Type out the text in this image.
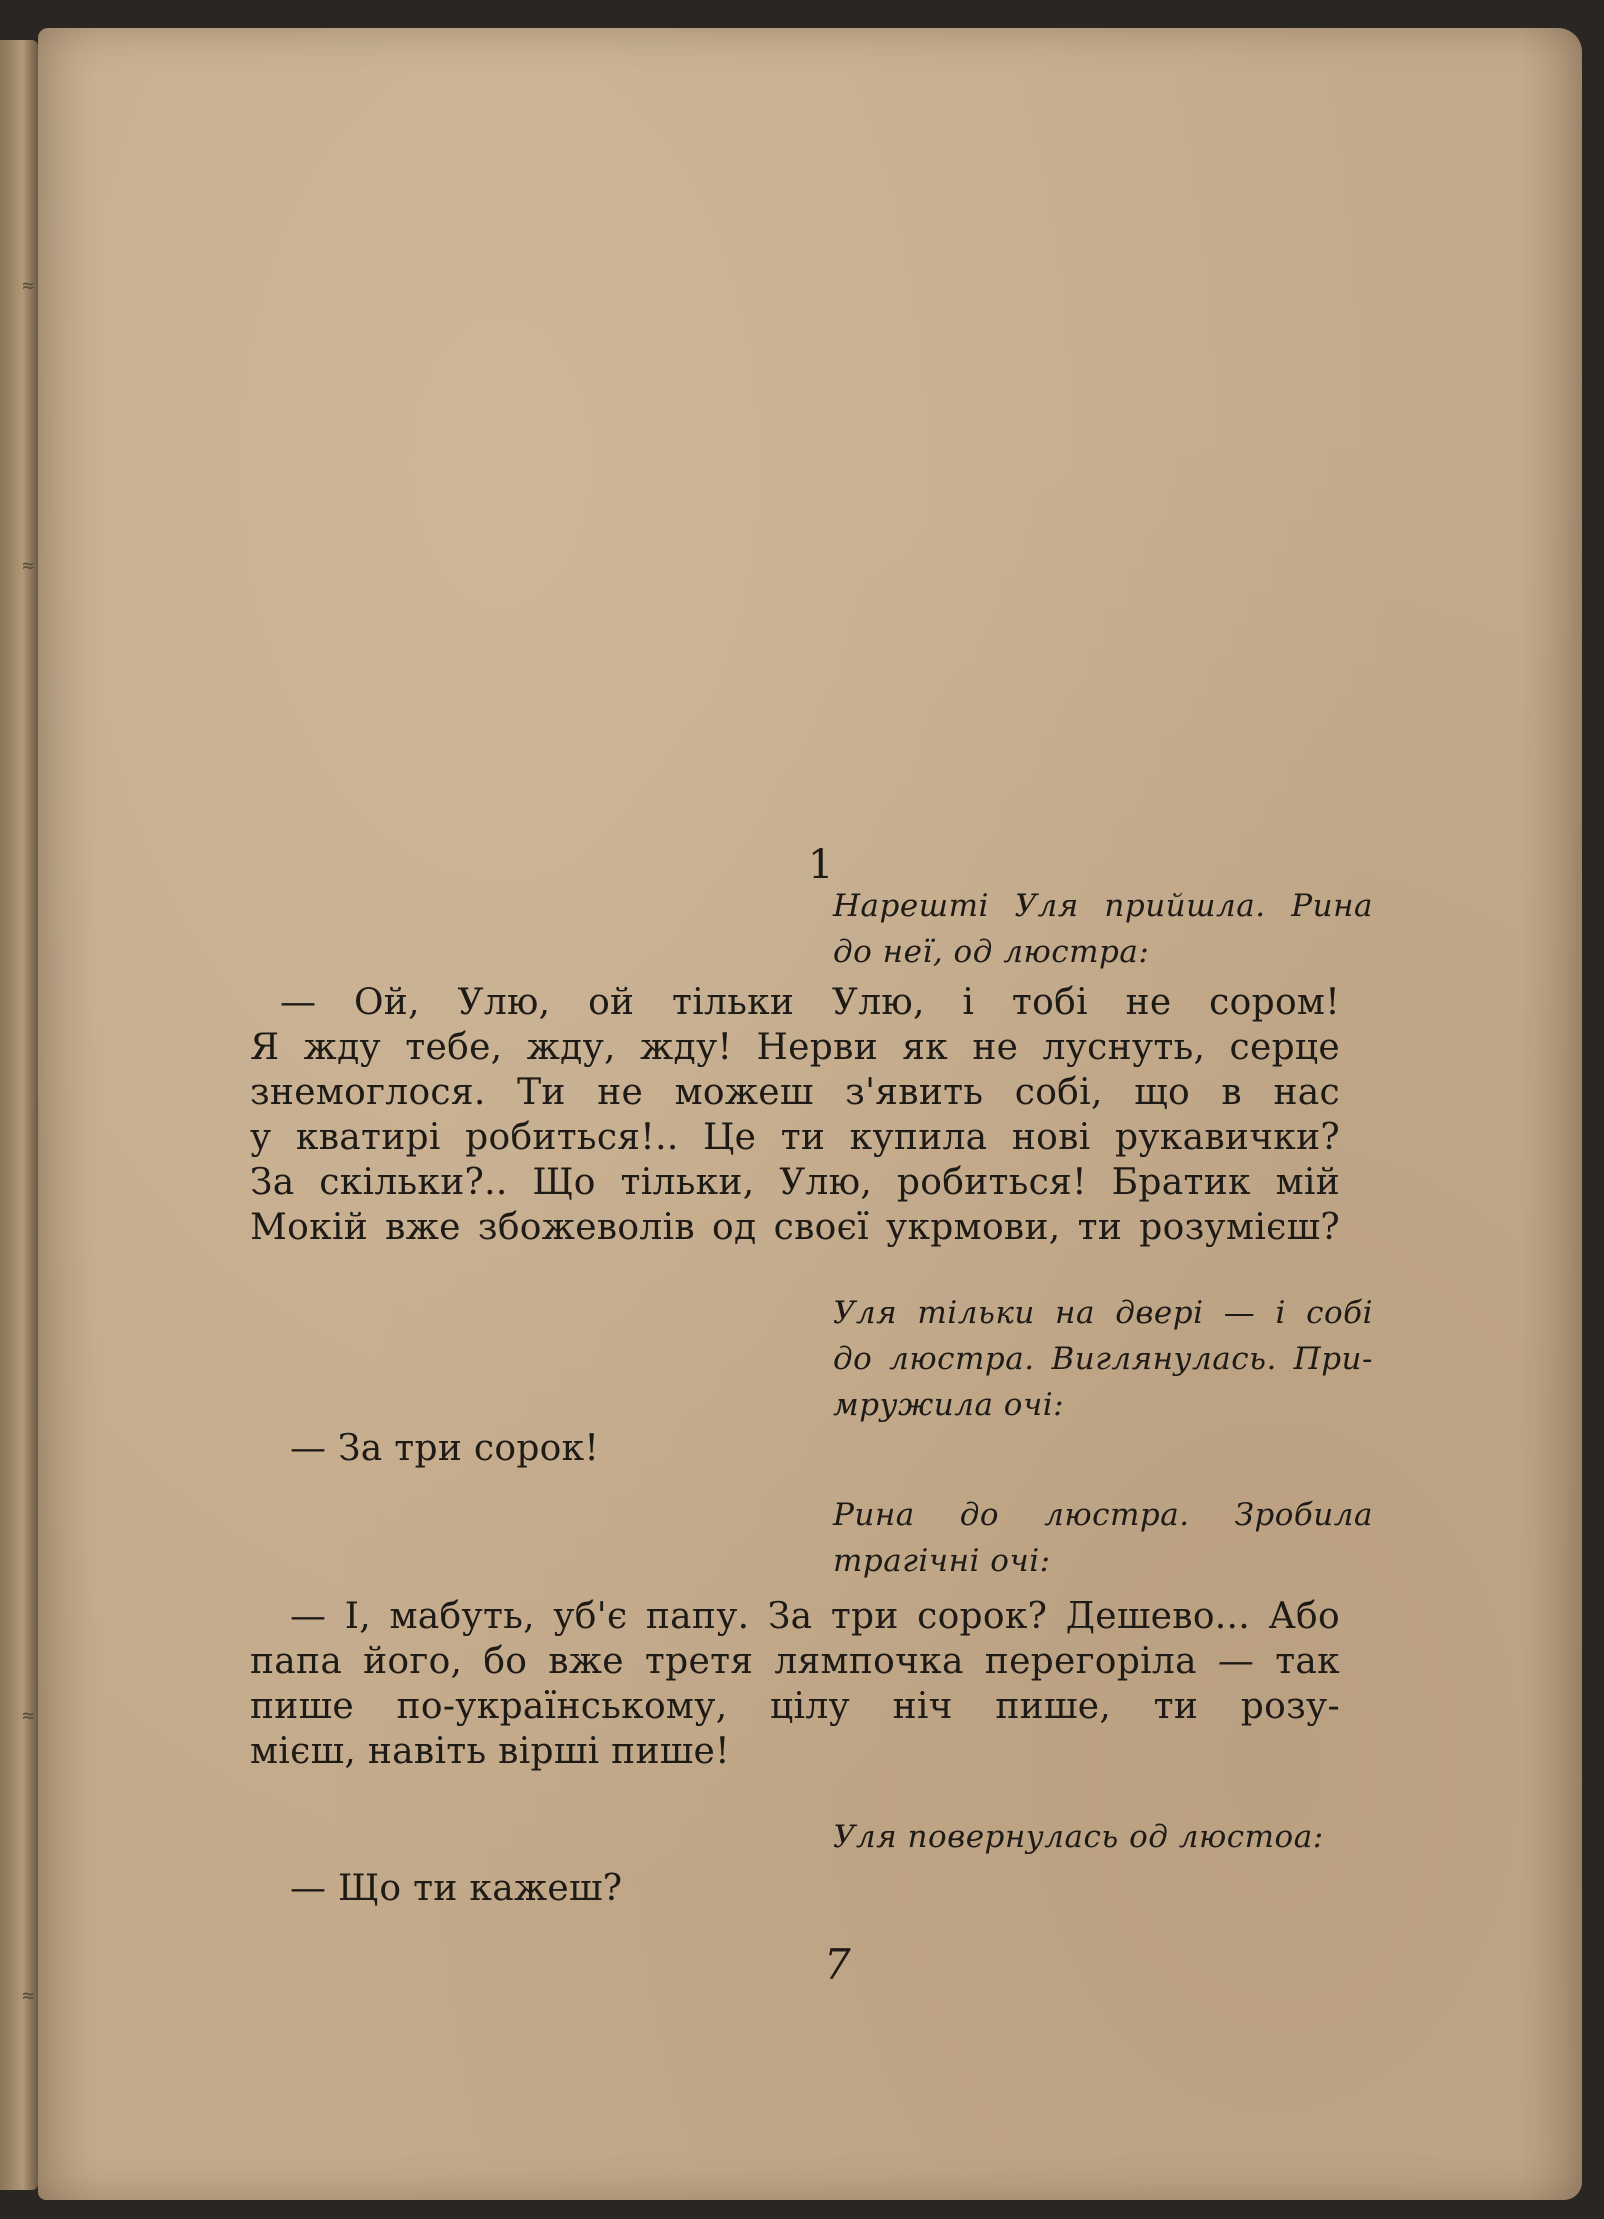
≈
≈
≈
≈
1
Нарешті Уля прийшла. Рина
до неї, од люстра:
— Ой, Улю, ой тільки Улю, і тобі не сором!
Я жду тебе, жду, жду! Нерви як не луснуть, серце
знемоглося. Ти не можеш з'явить собі, що в нас
у кватирі робиться!.. Це ти купила нові рукавички?
За скільки?.. Що тільки, Улю, робиться! Братик мій
Мокій вже збожеволів од своєї укрмови, ти розумієш?
Уля тільки на двері — і собі
до люстра. Виглянулась. При-
мружила очі:
— За три сорок!
Рина до люстра. Зробила
трагічні очі:
— І, мабуть, уб'є папу. За три сорок? Дешево... Або
папа його, бо вже третя лямпочка перегоріла — так
пише по-українському, цілу ніч пише, ти розу-
мієш, навіть вірші пише!
Уля повернулась од люстоа:
— Що ти кажеш?
7
